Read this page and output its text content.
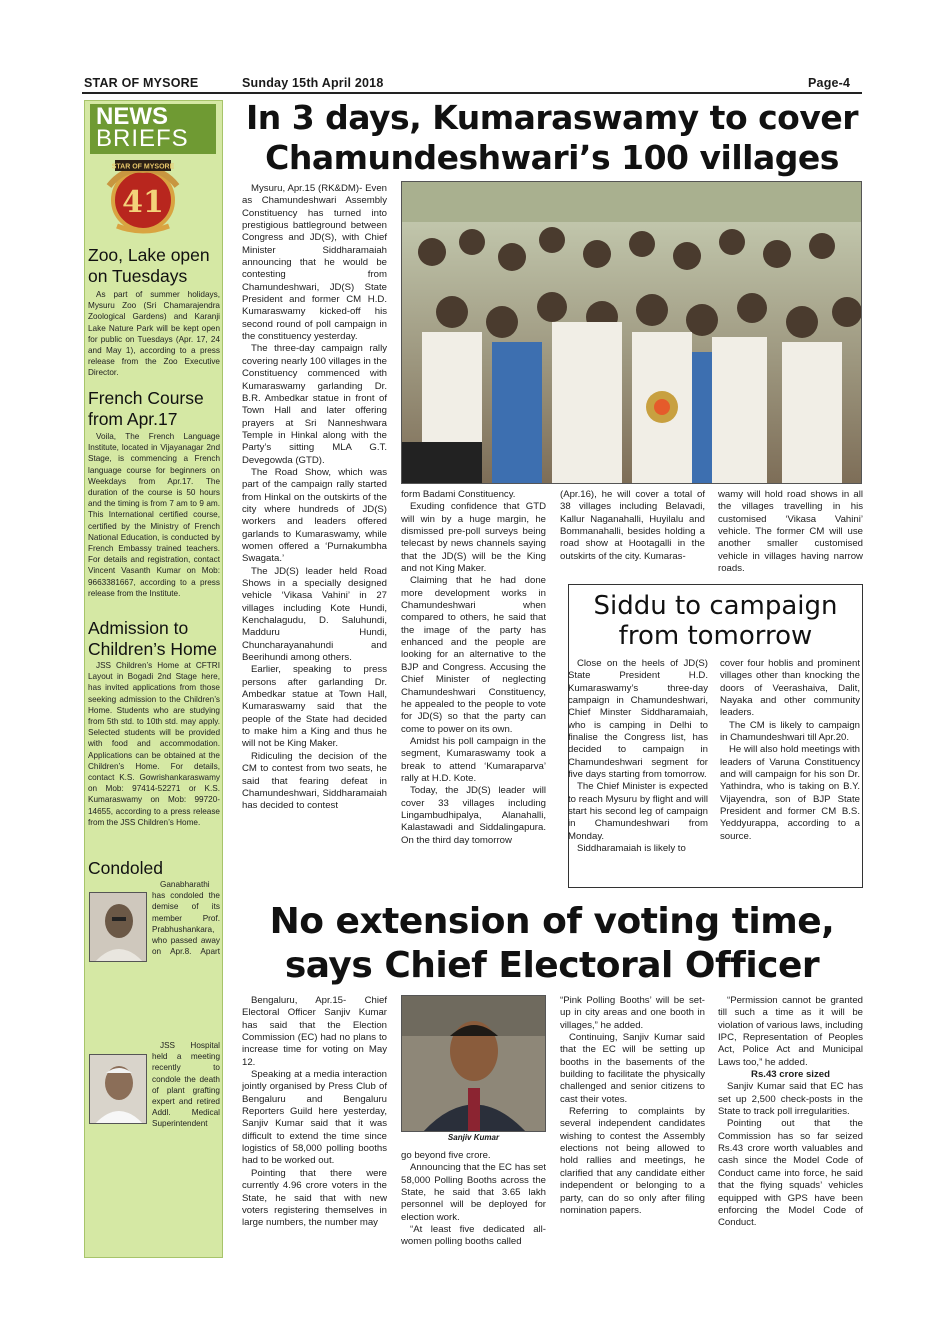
STAR OF MYSORE	Sunday 15th April 2018	Page-4
NEWS
BRIEFS
STAR OF MYSORE
41
Zoo, Lake open on Tuesdays
As part of summer holidays, Mysuru Zoo (Sri Chamarajendra Zoological Gardens) and Karanji Lake Nature Park will be kept open for public on Tuesdays (Apr. 17, 24 and May 1), according to a press release from the Zoo Executive Director.
French Course from Apr.17
Voila, The French Language Institute, located in Vijayanagar 2nd Stage, is commencing a French language course for beginners on Weekdays from Apr.17. The duration of the course is 50 hours and the timing is from 7 am to 9 am. This International certified course, certified by the Ministry of French National Education, is conducted by French Embassy trained teachers. For details and registration, contact Vincent Vasanth Kumar on Mob: 9663381667, according to a press release from the Institute.
Admission to Children’s Home
JSS Children’s Home at CFTRI Layout in Bogadi 2nd Stage here, has invited applications from those seeking admission to the Children’s Home. Students who are studying from 5th std. to 10th std. may apply. Selected students will be provided with food and accommodation. Applications can be obtained at the Children’s Home. For details, contact K.S. Gowrishankaraswamy on Mob: 97414-52271 or K.S. Kumaraswamy on Mob: 99720-14655, according to a press release from the JSS Children’s Home.
Condoled
Ganabharathi has condoled the demise of its member Prof. Prabhushankara, who passed away on Apr.8. Apart
JSS Hospital held a meeting recently to condole the death of plant grafting expert and retired Addl. Medical Superintendent
In 3 days, Kumaraswamy to cover
Chamundeshwari’s 100 villages

Mysuru, Apr.15 (RK&DM)- Even as Chamundeshwari Assembly Constituency has turned into prestigious battleground between Congress and JD(S), with Chief Minister Siddharamaiah announcing that he would be contesting from Chamundeshwari, JD(S) State President and former CM H.D. Kumaraswamy kicked-off his second round of poll campaign in the constituency yesterday.

The three-day campaign rally covering nearly 100 villages in the Constituency commenced with Kumaraswamy garlanding Dr. B.R. Ambedkar statue in front of Town Hall and later offering prayers at Sri Nanneshwara Temple in Hinkal along with the Party’s sitting MLA G.T. Devegowda (GTD).

The Road Show, which was part of the campaign rally started from Hinkal on the outskirts of the city where hundreds of JD(S) workers and leaders offered garlands to Kumaraswamy, while women offered a ‘Purnakumbha Swagata.’

The JD(S) leader held Road Shows in a specially designed vehicle ‘Vikasa Vahini’ in 27 villages including Kote Hundi, Kenchalagudu, D. Saluhundi, Madduru Hundi, Chuncharayanahundi and Beerihundi among others.

Earlier, speaking to press persons after garlanding Dr. Ambedkar statue at Town Hall, Kumaraswamy said that the people of the State had decided to make him a King and thus he will not be King Maker.

Ridiculing the decision of the CM to contest from two seats, he said that fearing defeat in Chamundeshwari, Siddharamaiah has decided to contest

form Badami Constituency.

Exuding confidence that GTD will win by a huge margin, he dismissed pre-poll surveys being telecast by news channels saying that the JD(S) will be the King and not King Maker.

Claiming that he had done more development works in Chamundeshwari when compared to others, he said that the image of the party has enhanced and the people are looking for an alternative to the BJP and Congress. Accusing the Chief Minister of neglecting Chamundeshwari Constituency, he appealed to the people to vote for JD(S) so that the party can come to power on its own.

Amidst his poll campaign in the segment, Kumaraswamy took a break to attend ‘Kumaraparva’ rally at H.D. Kote.

Today, the JD(S) leader will cover 33 villages including Lingambudhipalya, Alanahalli, Kalastawadi and Siddalingapura. On the third day tomorrow

(Apr.16), he will cover a total of 38 villages including Belavadi, Kallur Naganahalli, Huyilalu and Bommanahalli, besides holding a road show at Hootagalli in the outskirts of the city. Kumaras-
wamy will hold road shows in all the villages travelling in his customised ‘Vikasa Vahini’ vehicle. The former CM will use another smaller customised vehicle in villages having narrow roads.
Siddu to campaign
from tomorrow

Close on the heels of JD(S) State President H.D. Kumaraswamy’s three-day campaign in Chamundeshwari, Chief Minster Siddharamaiah, who is camping in Delhi to finalise the Congress list, has decided to campaign in Chamundeshwari segment for five days starting from tomorrow.

The Chief Minister is expected to reach Mysuru by flight and will start his second leg of campaign in Chamundeshwari from Monday.

Siddharamaiah is likely to

cover four hoblis and prominent villages other than knocking the doors of Veerashaiva, Dalit, Nayaka and other community leaders.

The CM is likely to campaign in Chamundeshwari till Apr.20.

He will also hold meetings with leaders of Varuna Constituency and will campaign for his son Dr. Yathindra, who is taking on B.Y. Vijayendra, son of BJP State President and former CM B.S. Yeddyurappa, according to a source.

No extension of voting time,
says Chief Electoral Officer
Sanjiv Kumar

Bengaluru, Apr.15- Chief Electoral Officer Sanjiv Kumar has said that the Election Commission (EC) had no plans to increase time for voting on May 12.

Speaking at a media interaction jointly organised by Press Club of Bengaluru and Bengaluru Reporters Guild here yesterday, Sanjiv Kumar said that it was difficult to extend the time since logistics of 58,000 polling booths had to be worked out.

Pointing that there were currently 4.96 crore voters in the State, he said that with new voters registering themselves in large numbers, the number may

go beyond five crore.

Announcing that the EC has set 58,000 Polling Booths across the State, he said that 3.65 lakh personnel will be deployed for election work.

“At least five dedicated all-women polling booths called

“Pink Polling Booths’ will be set-up in city areas and one booth in villages,” he added.

Continuing, Sanjiv Kumar said that the EC will be setting up booths in the basements of the building to facilitate the physically challenged and senior citizens to cast their votes.

Referring to complaints by several independent candidates wishing to contest the Assembly elections not being allowed to hold rallies and meetings, he clarified that any candidate either independent or belonging to a party, can do so only after filing nomination papers.

“Permission cannot be granted till such a time as it will be violation of various laws, including IPC, Representation of Peoples Act, Police Act and Municipal Laws too,” he added.

Rs.43 crore sized

Sanjiv Kumar said that EC has set up 2,500 check-posts in the State to track poll irregularities.

Pointing out that the Commission has so far seized Rs.43 crore worth valuables and cash since the Model Code of Conduct came into force, he said that the flying squads’ vehicles equipped with GPS have been enforcing the Model Code of Conduct.
